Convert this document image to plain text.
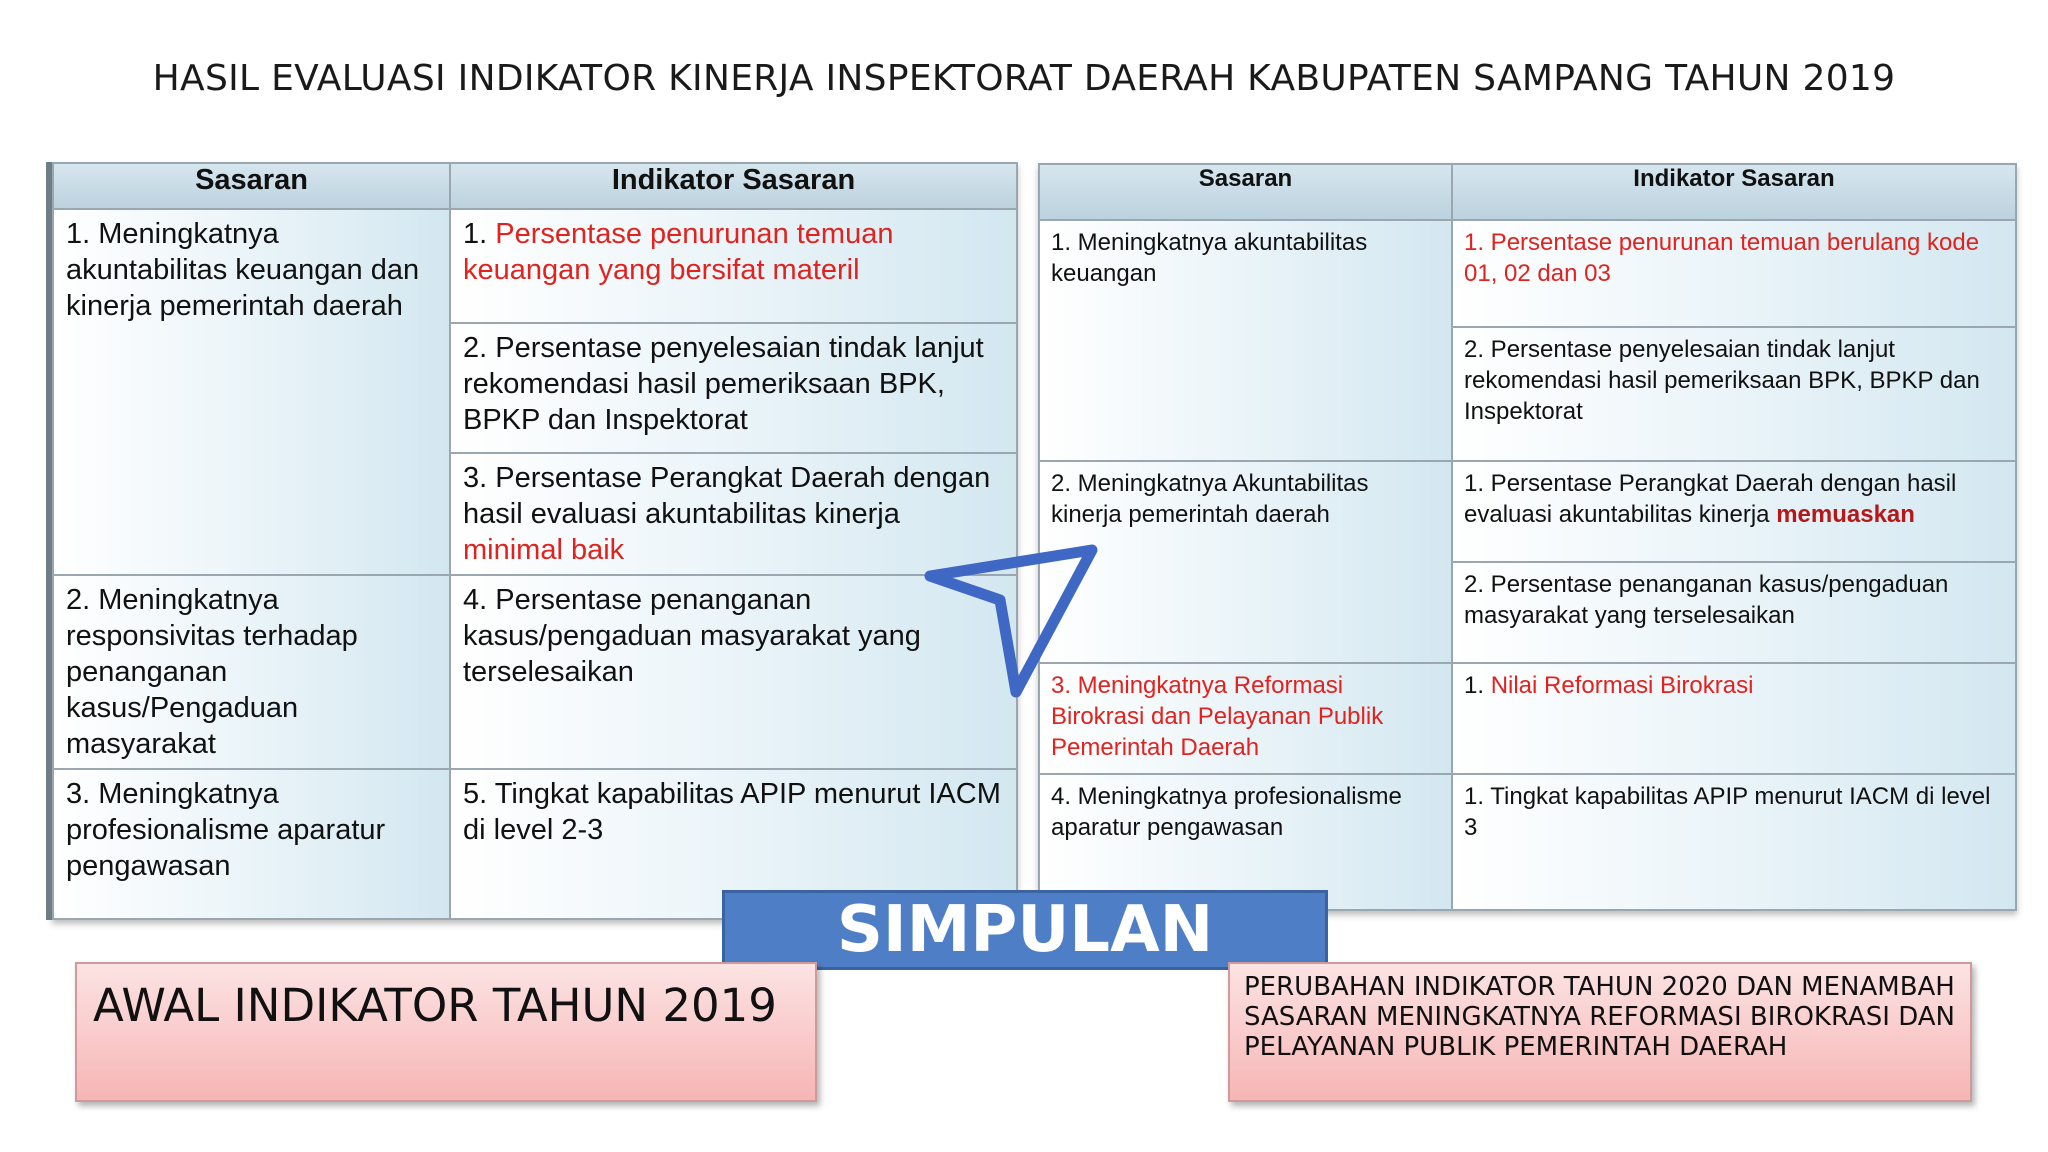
HASIL EVALUASI INDIKATOR KINERJA INSPEKTORAT DAERAH KABUPATEN SAMPANG TAHUN 2019
Sasaran	Indikator Sasaran
1. Meningkatnya akuntabilitas keuangan dan kinerja pemerintah daerah	1. Persentase penurunan temuan keuangan yang bersifat materil
	2. Persentase penyelesaian tindak lanjut rekomendasi hasil pemeriksaan BPK, BPKP dan Inspektorat
	3. Persentase Perangkat Daerah dengan hasil evaluasi akuntabilitas kinerja minimal baik
2. Meningkatnya responsivitas terhadap penanganan kasus/Pengaduan masyarakat	4. Persentase penanganan kasus/pengaduan masyarakat yang terselesaikan
3. Meningkatnya profesionalisme aparatur pengawasan	5. Tingkat kapabilitas APIP menurut IACM di level 2-3
Sasaran	Indikator Sasaran
1. Meningkatnya akuntabilitas keuangan	1. Persentase penurunan temuan berulang kode 01, 02 dan 03
	2. Persentase penyelesaian tindak lanjut rekomendasi hasil pemeriksaan BPK, BPKP dan Inspektorat
2. Meningkatnya Akuntabilitas kinerja pemerintah daerah	1. Persentase Perangkat Daerah dengan hasil evaluasi akuntabilitas kinerja memuaskan
	2. Persentase penanganan kasus/pengaduan masyarakat yang terselesaikan
3. Meningkatnya Reformasi Birokrasi dan Pelayanan Publik Pemerintah Daerah	1. Nilai Reformasi Birokrasi
4. Meningkatnya profesionalisme aparatur pengawasan	1. Tingkat kapabilitas APIP menurut IACM di level 3
SIMPULAN
AWAL INDIKATOR TAHUN 2019	PERUBAHAN INDIKATOR TAHUN 2020 DAN MENAMBAH SASARAN MENINGKATNYA REFORMASI BIROKRASI DAN PELAYANAN PUBLIK PEMERINTAH DAERAH
